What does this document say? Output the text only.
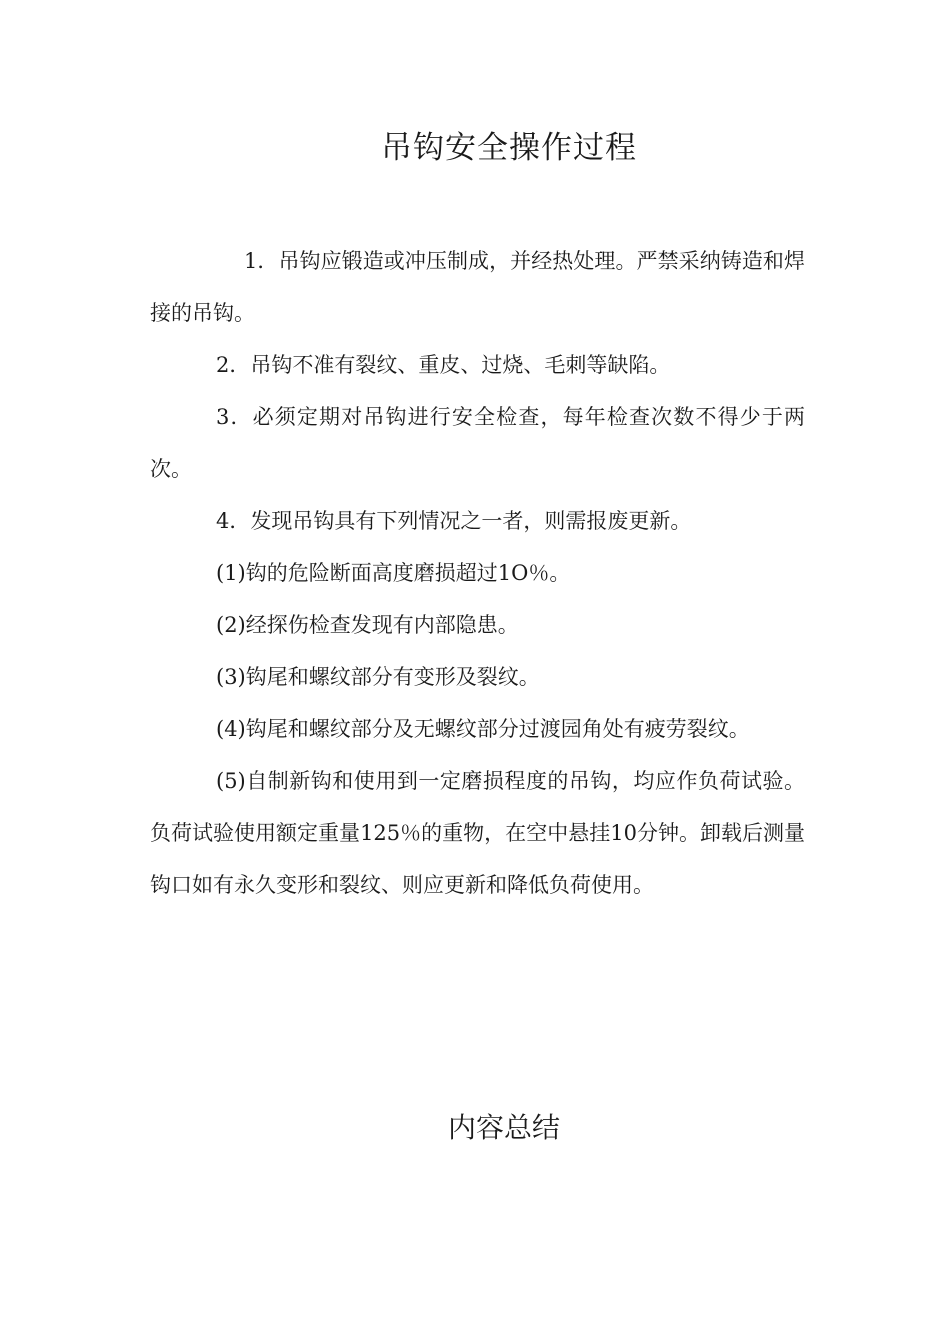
吊钩安全操作过程

1．吊钩应锻造或冲压制成，并经热处理。严禁采纳铸造和焊接的吊钩。

2．吊钩不准有裂纹、重皮、过烧、毛刺等缺陷。

3．必须定期对吊钩进行安全检查，每年检查次数不得少于两次。

4．发现吊钩具有下列情况之一者，则需报废更新。

(1)钩的危险断面高度磨损超过1O％。

(2)经探伤检查发现有内部隐患。

(3)钩尾和螺纹部分有变形及裂纹。

(4)钩尾和螺纹部分及无螺纹部分过渡园角处有疲劳裂纹。

(5)自制新钩和使用到一定磨损程度的吊钩，均应作负荷试验。负荷试验使用额定重量125％的重物，在空中悬挂10分钟。卸载后测量钩口如有永久变形和裂纹、则应更新和降低负荷使用。

内容总结
